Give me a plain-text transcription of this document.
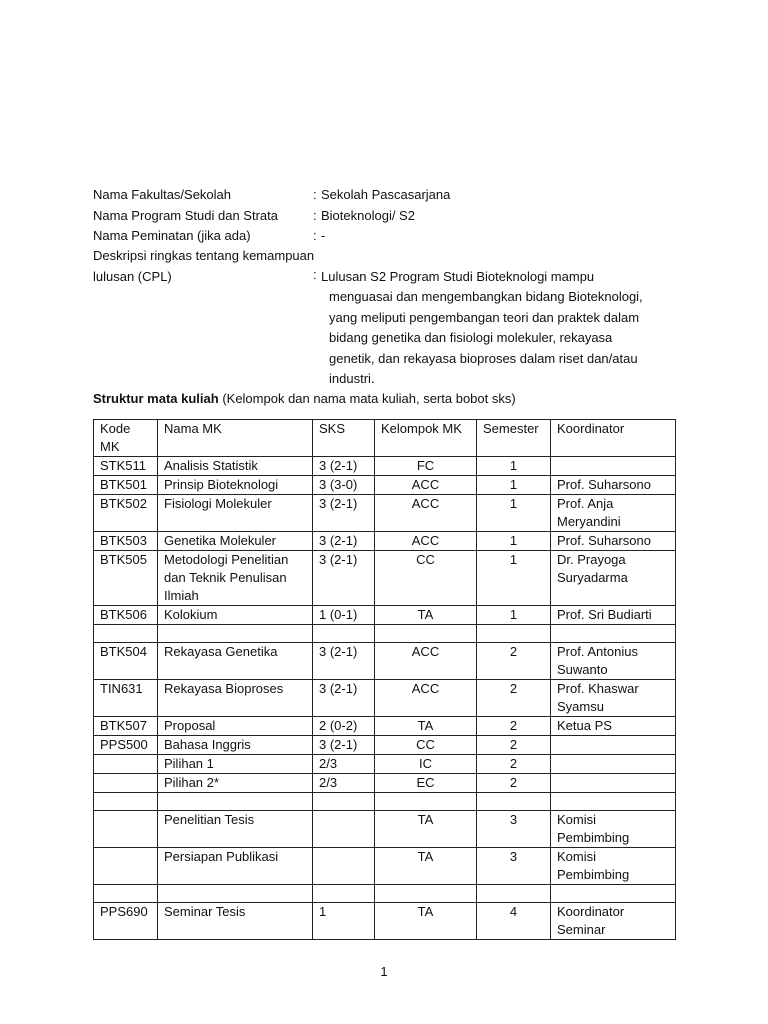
Nama Fakultas/Sekolah	: Sekolah Pascasarjana
Nama Program Studi dan Strata	: Bioteknologi/ S2
Nama Peminatan (jika ada)	: -
Deskripsi ringkas tentang kemampuan
lulusan (CPL)	: Lulusan S2 Program Studi Bioteknologi mampu
menguasai dan mengembangkan bidang Bioteknologi,
yang meliputi pengembangan teori dan praktek dalam
bidang genetika dan fisiologi molekuler, rekayasa
genetik, dan rekayasa bioproses dalam riset dan/atau
industri.
Struktur mata kuliah (Kelompok dan nama mata kuliah, serta bobot sks)
Kode MK	Nama MK	SKS	Kelompok MK	Semester	Koordinator
STK511	Analisis Statistik	3 (2-1)	FC	1	
BTK501	Prinsip Bioteknologi	3 (3-0)	ACC	1	Prof. Suharsono
BTK502	Fisiologi Molekuler	3 (2-1)	ACC	1	Prof. Anja Meryandini
BTK503	Genetika Molekuler	3 (2-1)	ACC	1	Prof. Suharsono
BTK505	Metodologi Penelitian dan Teknik Penulisan Ilmiah	3 (2-1)	CC	1	Dr. Prayoga Suryadarma
BTK506	Kolokium	1 (0-1)	TA	1	Prof. Sri Budiarti

BTK504	Rekayasa Genetika	3 (2-1)	ACC	2	Prof. Antonius Suwanto
TIN631	Rekayasa Bioproses	3 (2-1)	ACC	2	Prof. Khaswar Syamsu
BTK507	Proposal	2 (0-2)	TA	2	Ketua PS
PPS500	Bahasa Inggris	3 (2-1)	CC	2	
	Pilihan 1	2/3	IC	2	
	Pilihan 2*	2/3	EC	2	

	Penelitian Tesis		TA	3	Komisi Pembimbing
	Persiapan Publikasi		TA	3	Komisi Pembimbing

PPS690	Seminar Tesis	1	TA	4	Koordinator Seminar
1
